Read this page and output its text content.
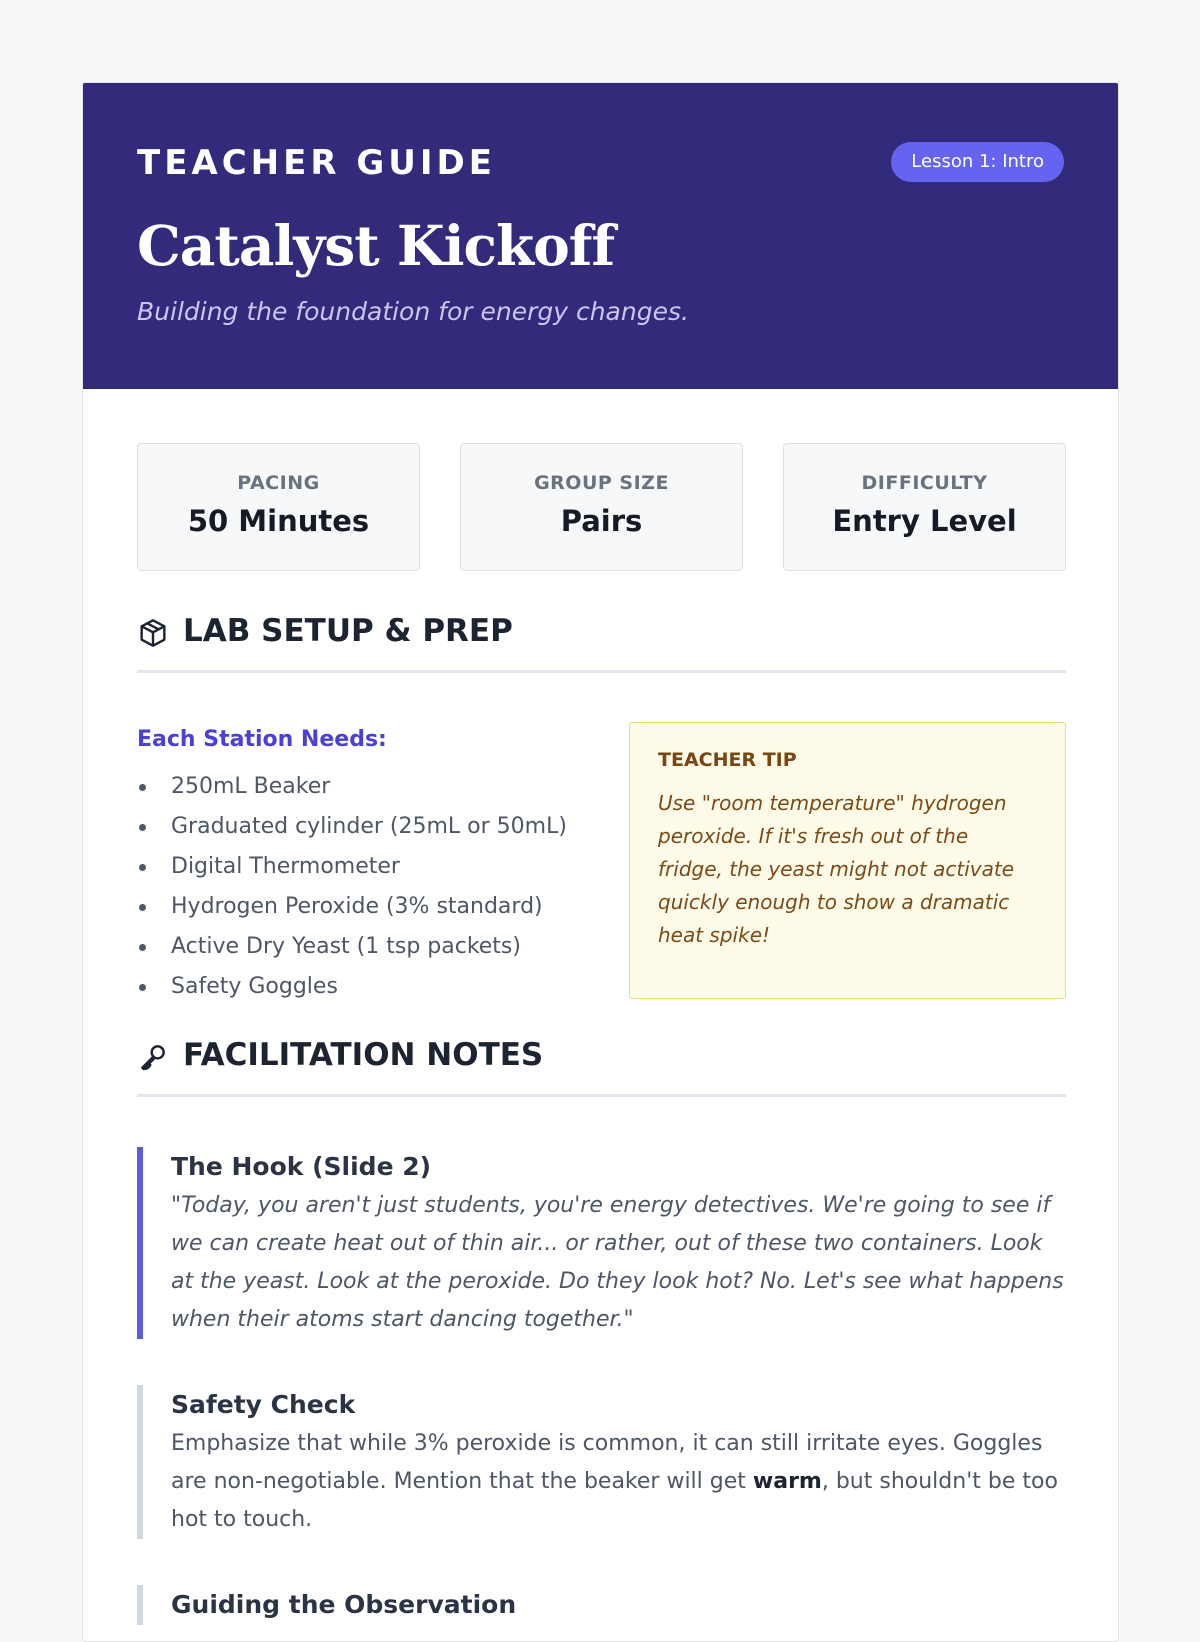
TEACHER GUIDE	Lesson 1: Intro
Catalyst Kickoff
Building the foundation for energy changes.
PACING
50 Minutes
GROUP SIZE
Pairs
DIFFICULTY
Entry Level
LAB SETUP & PREP
Each Station Needs:
250mL Beaker
Graduated cylinder (25mL or 50mL)
Digital Thermometer
Hydrogen Peroxide (3% standard)
Active Dry Yeast (1 tsp packets)
Safety Goggles
TEACHER TIP
Use "room temperature" hydrogen peroxide. If it's fresh out of the fridge, the yeast might not activate quickly enough to show a dramatic heat spike!
FACILITATION NOTES
The Hook (Slide 2)
"Today, you aren't just students, you're energy detectives. We're going to see if we can create heat out of thin air... or rather, out of these two containers. Look at the yeast. Look at the peroxide. Do they look hot? No. Let's see what happens when their atoms start dancing together."
Safety Check
Emphasize that while 3% peroxide is common, it can still irritate eyes. Goggles are non-negotiable. Mention that the beaker will get warm, but shouldn't be too hot to touch.
Guiding the Observation
